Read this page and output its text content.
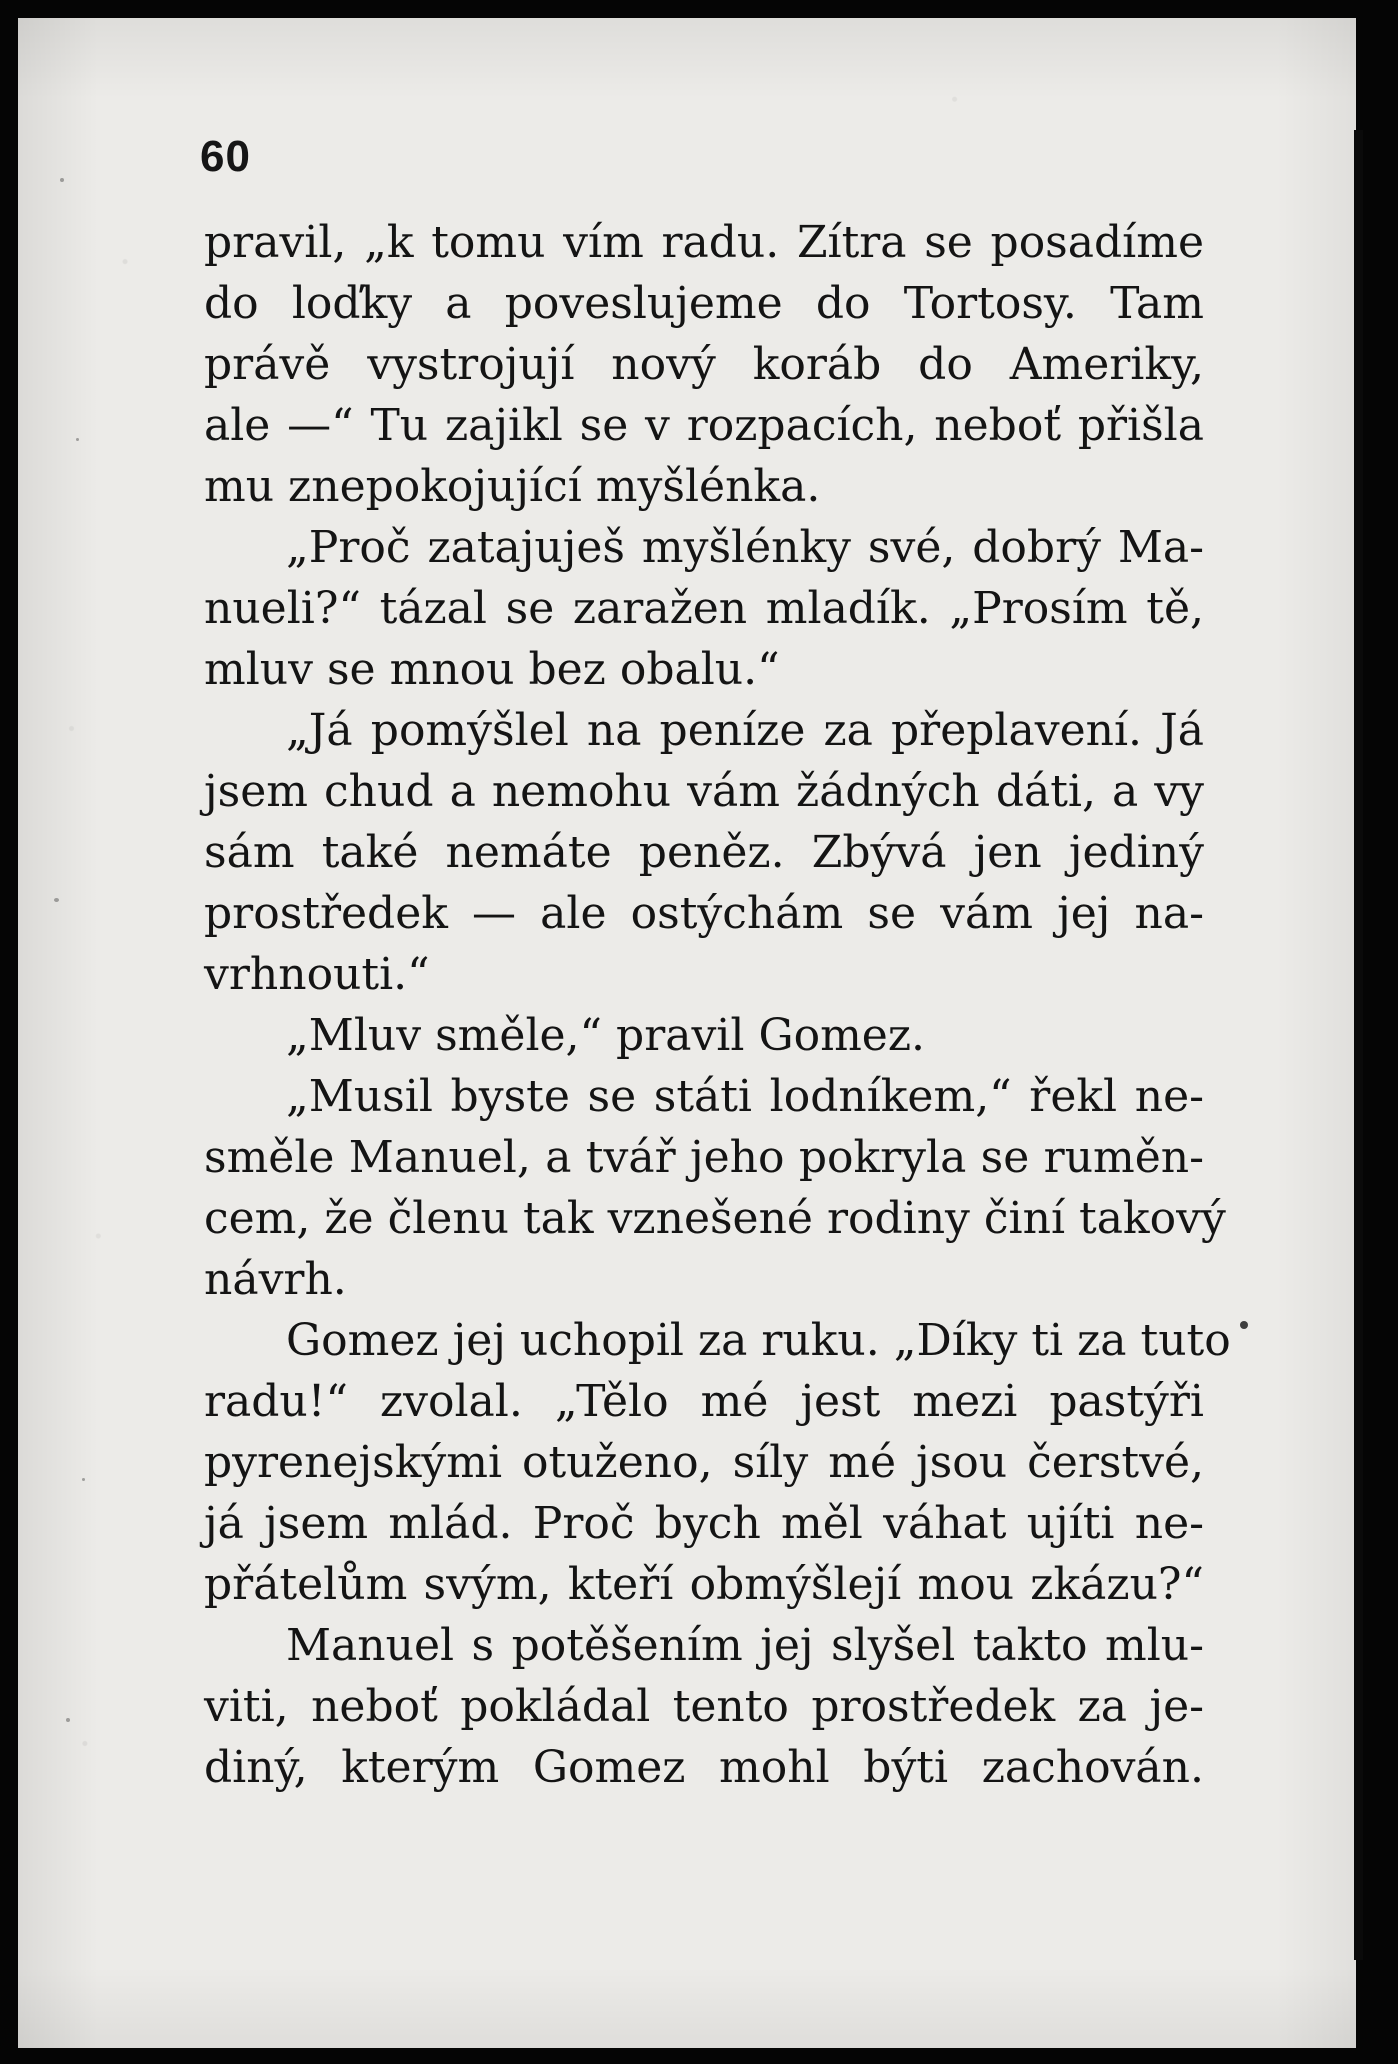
60
pravil, „k tomu vím radu. Zítra se posadíme
do loďky a poveslujeme do Tortosy. Tam
právě vystrojují nový koráb do Ameriky,
ale —“ Tu zajikl se v rozpacích, neboť přišla
mu znepokojující myšlénka.
„Proč zatajuješ myšlénky své, dobrý Ma-
nueli?“ tázal se zaražen mladík. „Prosím tě,
mluv se mnou bez obalu.“
„Já pomýšlel na peníze za přeplavení. Já
jsem chud a nemohu vám žádných dáti, a vy
sám také nemáte peněz. Zbývá jen jediný
prostředek — ale ostýchám se vám jej na-
vrhnouti.“
„Mluv směle,“ pravil Gomez.
„Musil byste se státi lodníkem,“ řekl ne-
směle Manuel, a tvář jeho pokryla se ruměn-
cem, že členu tak vznešené rodiny činí takový
návrh.
Gomez jej uchopil za ruku. „Díky ti za tuto
radu!“ zvolal. „Tělo mé jest mezi pastýři
pyrenejskými otuženo, síly mé jsou čerstvé,
já jsem mlád. Proč bych měl váhat ujíti ne-
přátelům svým, kteří obmýšlejí mou zkázu?“
Manuel s potěšením jej slyšel takto mlu-
viti, neboť pokládal tento prostředek za je-
diný, kterým Gomez mohl býti zachován.
